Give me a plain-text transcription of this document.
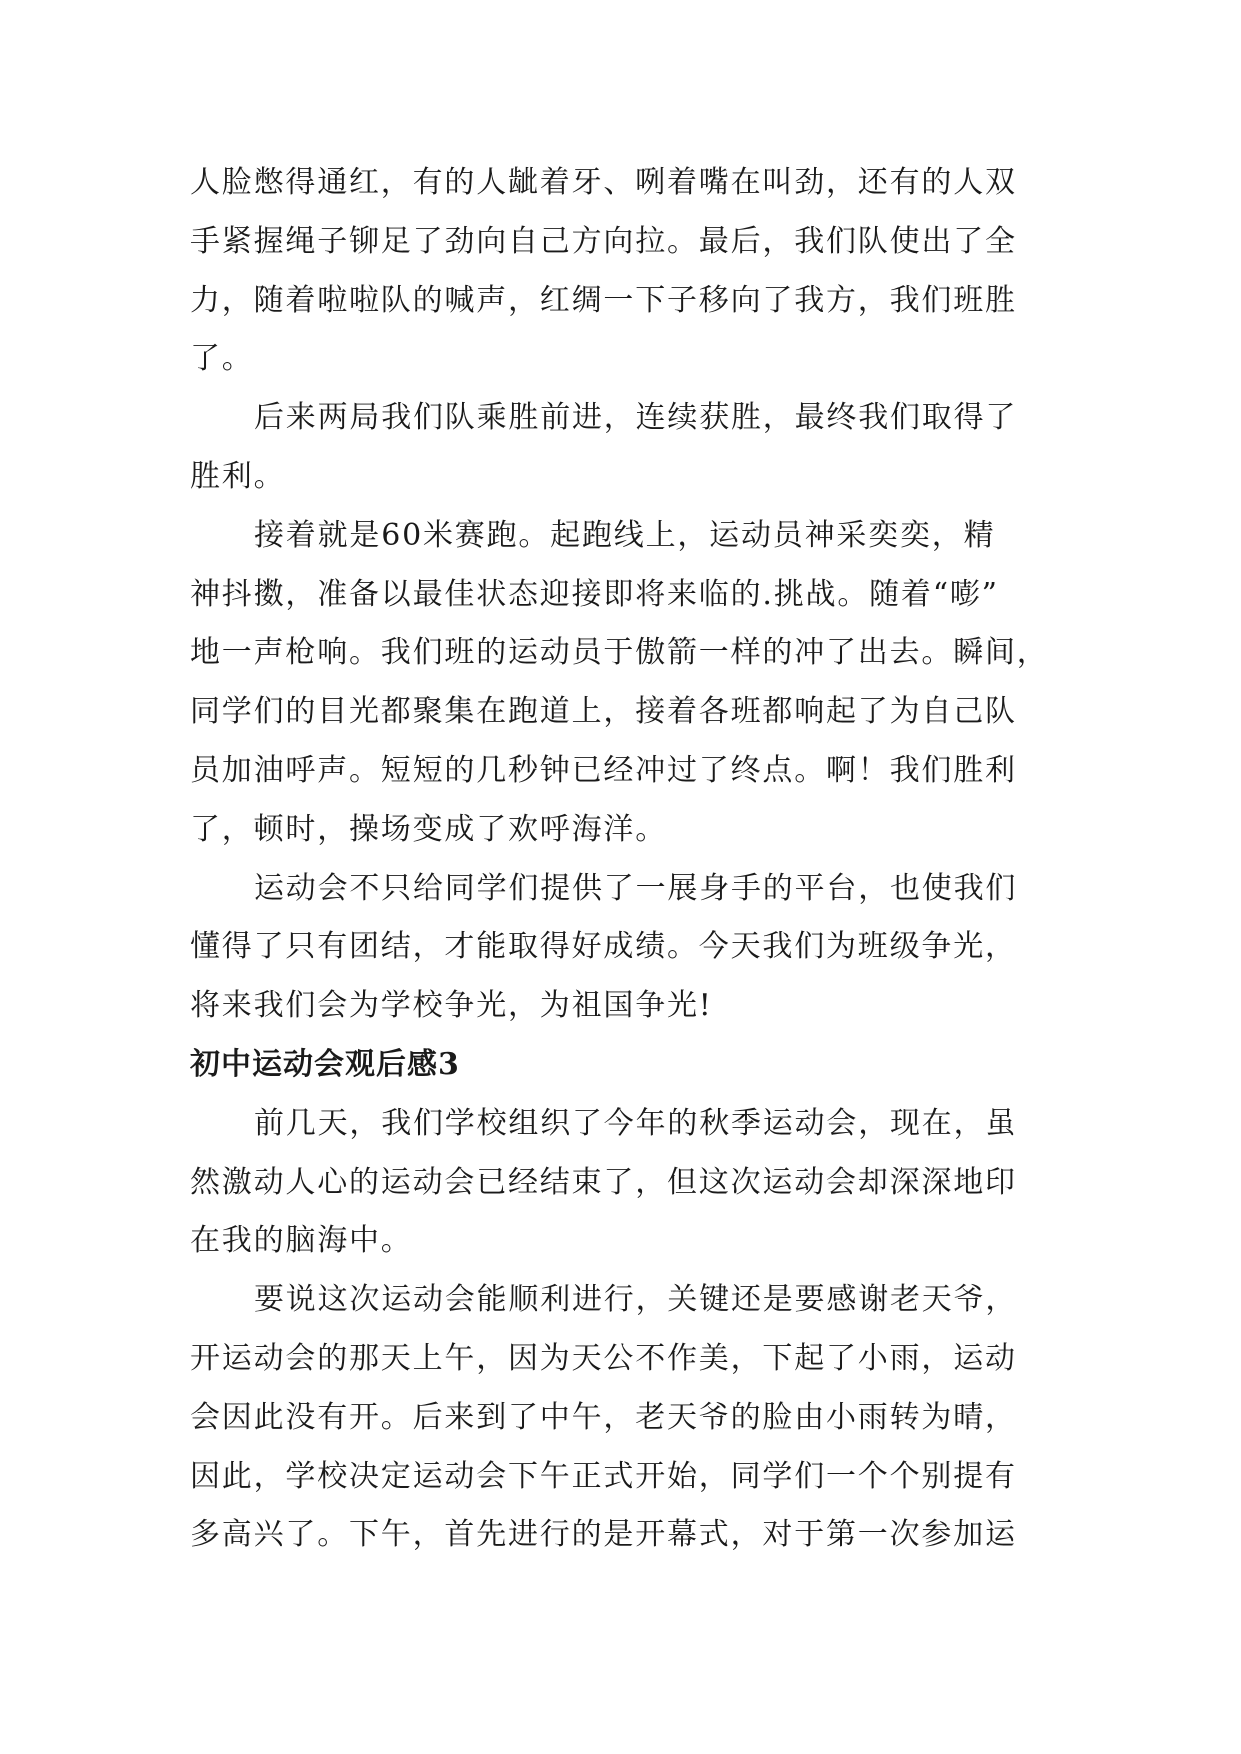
人脸憋得通红，有的人龇着牙、咧着嘴在叫劲，还有的人双
手紧握绳子铆足了劲向自己方向拉。最后，我们队使出了全
力，随着啦啦队的喊声，红绸一下子移向了我方，我们班胜
了。

后来两局我们队乘胜前进，连续获胜，最终我们取得了
胜利。

接着就是60米赛跑。起跑线上，运动员神采奕奕，精
神抖擞，准备以最佳状态迎接即将来临的.挑战。随着“嘭”
地一声枪响。我们班的运动员于傲箭一样的冲了出去。瞬间，
同学们的目光都聚集在跑道上，接着各班都响起了为自己队
员加油呼声。短短的几秒钟已经冲过了终点。啊！我们胜利
了，顿时，操场变成了欢呼海洋。

运动会不只给同学们提供了一展身手的平台，也使我们
懂得了只有团结，才能取得好成绩。今天我们为班级争光，
将来我们会为学校争光，为祖国争光!

初中运动会观后感3

前几天，我们学校组织了今年的秋季运动会，现在，虽
然激动人心的运动会已经结束了，但这次运动会却深深地印
在我的脑海中。

要说这次运动会能顺利进行，关键还是要感谢老天爷，
开运动会的那天上午，因为天公不作美，下起了小雨，运动
会因此没有开。后来到了中午，老天爷的脸由小雨转为晴，
因此，学校决定运动会下午正式开始，同学们一个个别提有
多高兴了。下午，首先进行的是开幕式，对于第一次参加运
